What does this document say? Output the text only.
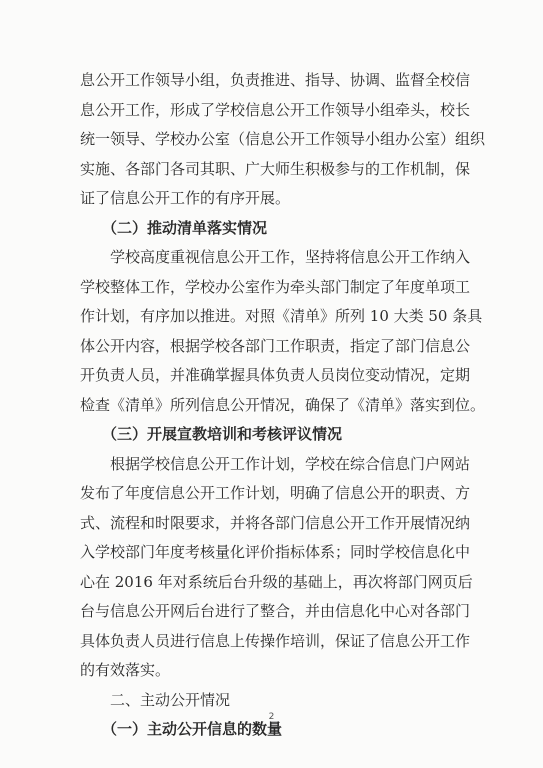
息公开工作领导小组，负责推进、指导、协调、监督全校信
息公开工作，形成了学校信息公开工作领导小组牵头，校长
统一领导、学校办公室（信息公开工作领导小组办公室）组织
实施、各部门各司其职、广大师生积极参与的工作机制，保
证了信息公开工作的有序开展。
（二）推动清单落实情况
学校高度重视信息公开工作，坚持将信息公开工作纳入
学校整体工作，学校办公室作为牵头部门制定了年度单项工
作计划，有序加以推进。对照《清单》所列 10 大类 50 条具
体公开内容，根据学校各部门工作职责，指定了部门信息公
开负责人员，并准确掌握具体负责人员岗位变动情况，定期
检查《清单》所列信息公开情况，确保了《清单》落实到位。
（三）开展宣教培训和考核评议情况
根据学校信息公开工作计划，学校在综合信息门户网站
发布了年度信息公开工作计划，明确了信息公开的职责、方
式、流程和时限要求，并将各部门信息公开工作开展情况纳
入学校部门年度考核量化评价指标体系；同时学校信息化中
心在 2016 年对系统后台升级的基础上，再次将部门网页后
台与信息公开网后台进行了整合，并由信息化中心对各部门
具体负责人员进行信息上传操作培训，保证了信息公开工作
的有效落实。
二、主动公开情况
（一）主动公开信息的数量
2
